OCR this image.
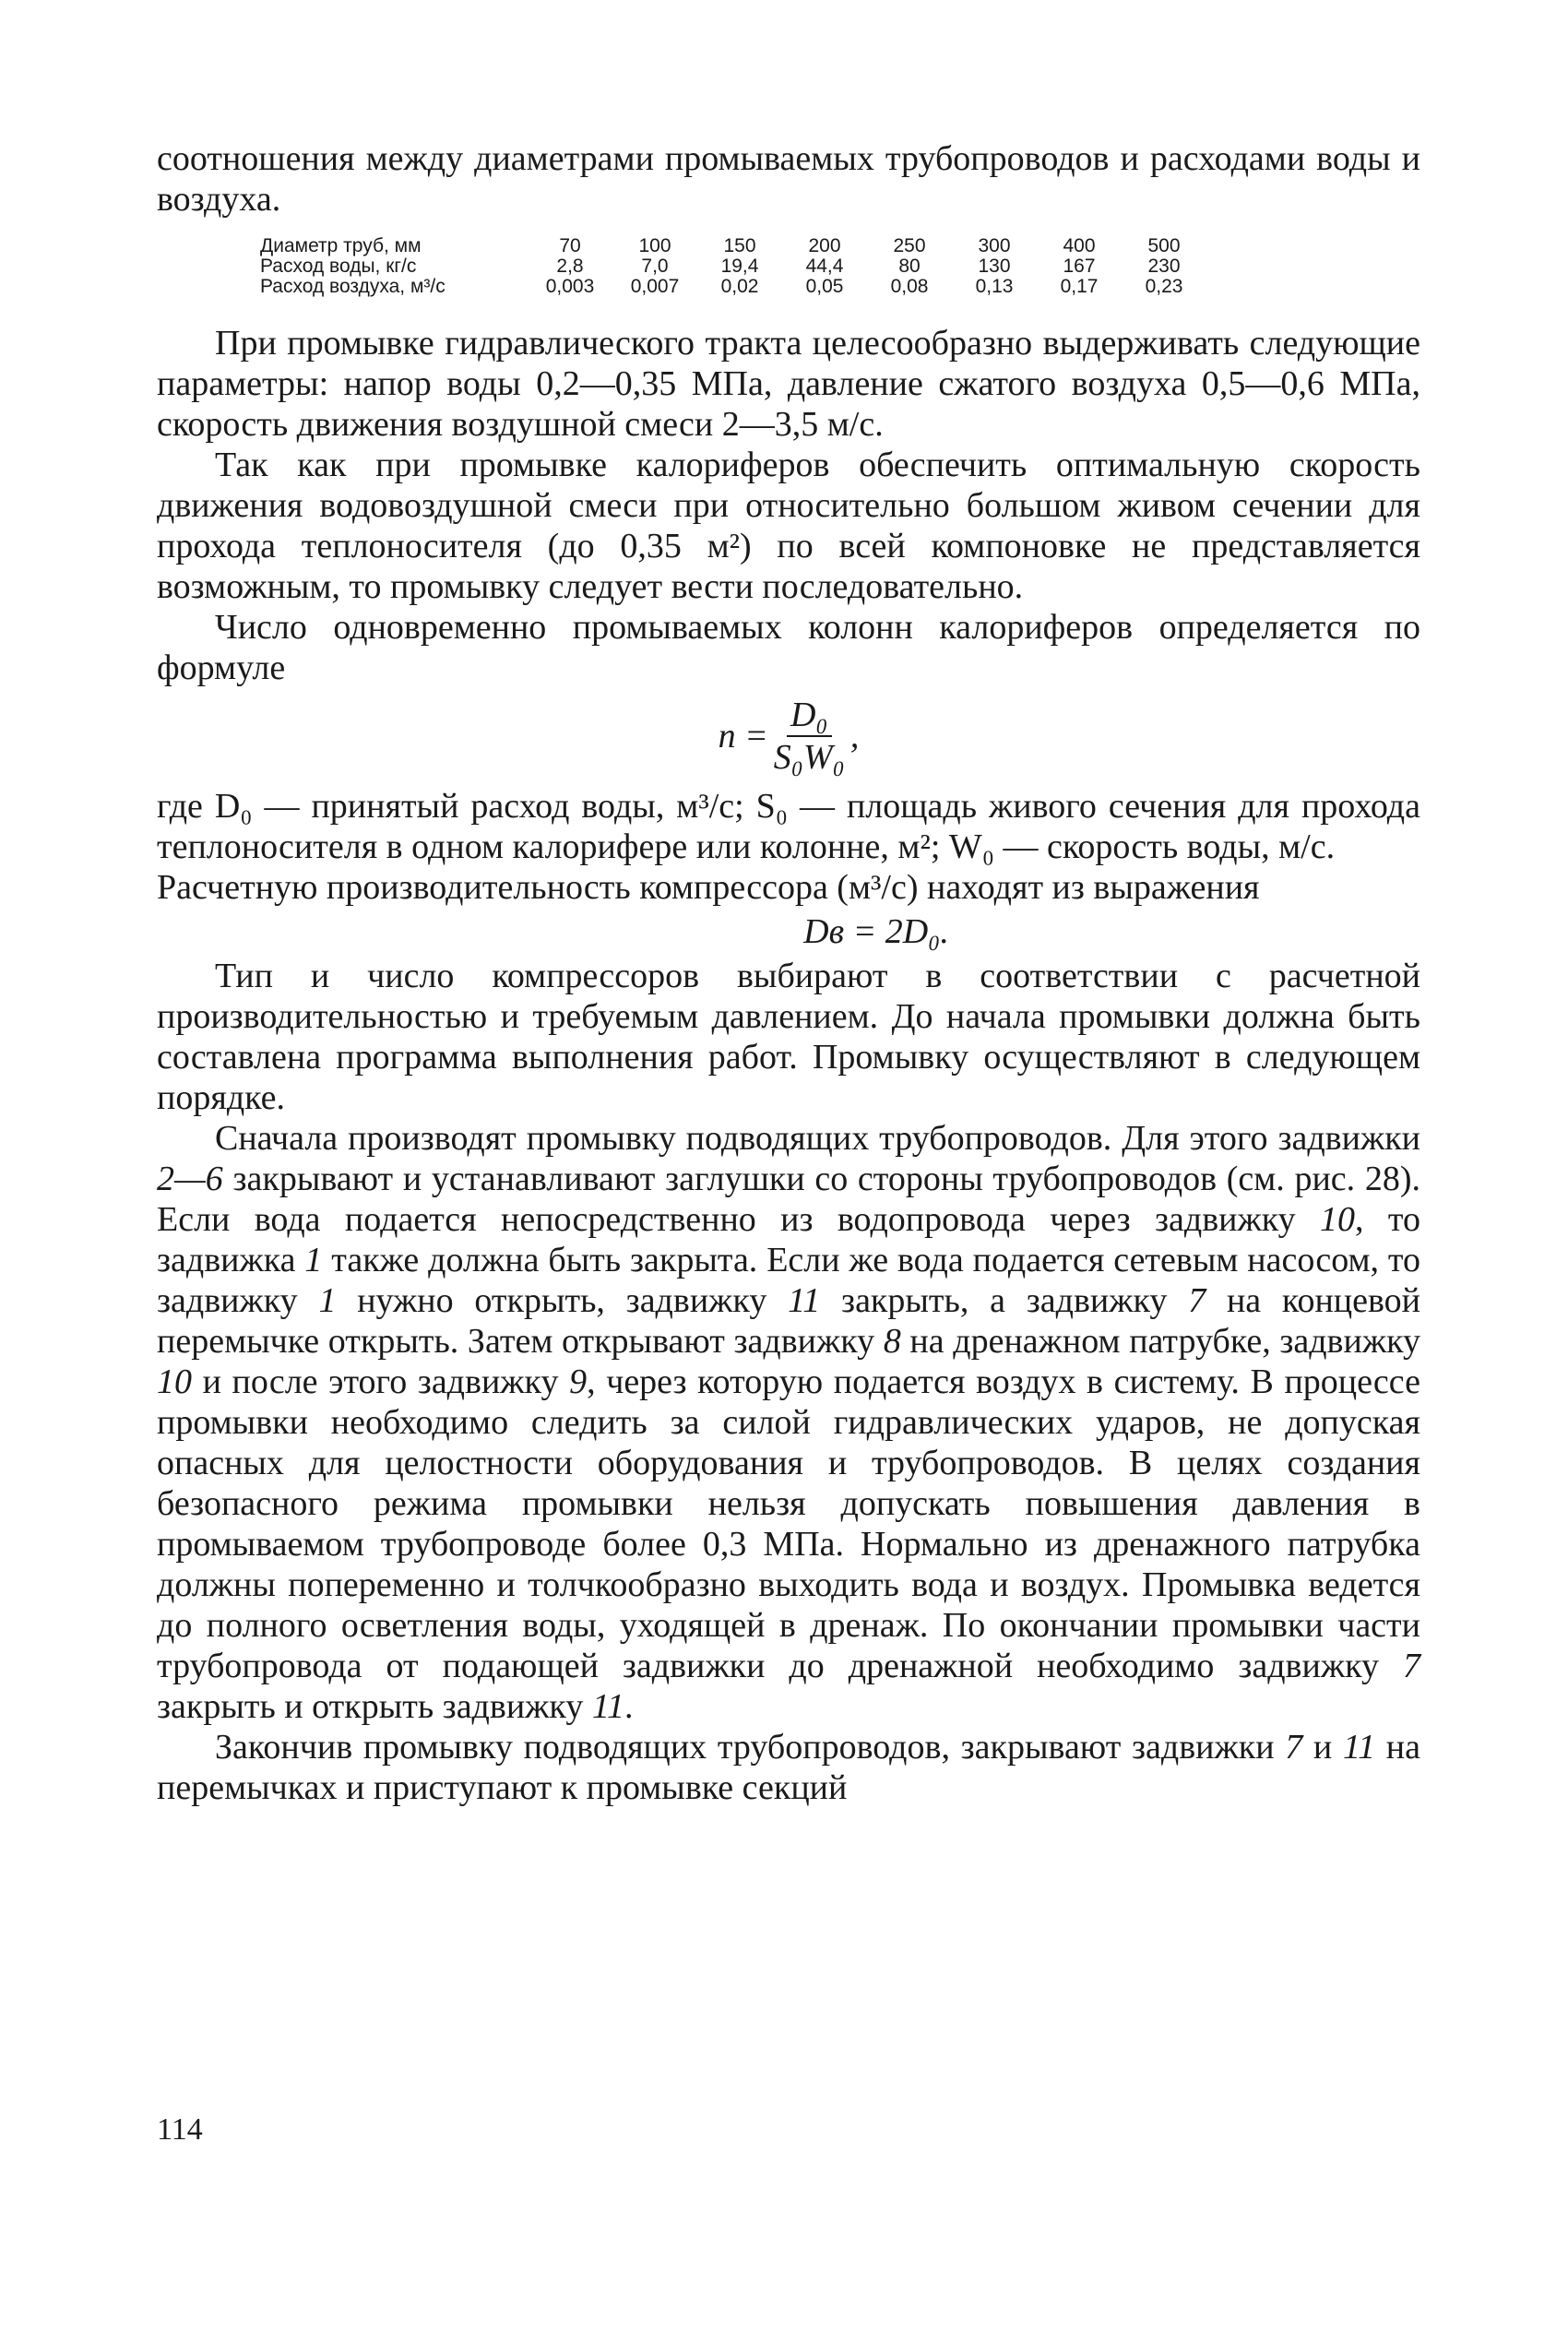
соотношения между диаметрами промываемых трубопроводов и расходами воды и воздуха.

Диаметр труб, мм	70	100	150	200	250	300	400	500
Расход воды, кг/с	2,8	7,0	19,4	44,4	80	130	167	230
Расход воздуха, м³/с	0,003	0,007	0,02	0,05	0,08	0,13	0,17	0,23

При промывке гидравлического тракта целесообразно выдерживать следующие параметры: напор воды 0,2—0,35 МПа, давление сжатого воздуха 0,5—0,6 МПа, скорость движения воздушной смеси 2—3,5 м/с.

Так как при промывке калориферов обеспечить оптимальную скорость движения водовоздушной смеси при относительно большом живом сечении для прохода теплоносителя (до 0,35 м²) по всей компоновке не представляется возможным, то промывку следует вести последовательно.

Число одновременно промываемых колонн калориферов определяется по формуле

$n = \frac{\text{D₀}}{\text{S₀W₀}}$ ,

где D₀ — принятый расход воды, м³/с; S₀ — площадь живого сечения для прохода теплоносителя в одном калорифере или колонне, м²; W₀ — скорость воды, м/с.

Расчетную производительность компрессора (м³/с) находят из выражения

Dв = 2D₀.

Тип и число компрессоров выбирают в соответствии с расчетной производительностью и требуемым давлением. До начала промывки должна быть составлена программа выполнения работ. Промывку осуществляют в следующем порядке.

Сначала производят промывку подводящих трубопроводов. Для этого задвижки 2—6 закрывают и устанавливают заглушки со стороны трубопроводов (см. рис. 28). Если вода подается непосредственно из водопровода через задвижку 10, то задвижка 1 также должна быть закрыта. Если же вода подается сетевым насосом, то задвижку 1 нужно открыть, задвижку 11 закрыть, а задвижку 7 на концевой перемычке открыть. Затем открывают задвижку 8 на дренажном патрубке, задвижку 10 и после этого задвижку 9, через которую подается воздух в систему. В процессе промывки необходимо следить за силой гидравлических ударов, не допуская опасных для целостности оборудования и трубопроводов. В целях создания безопасного режима промывки нельзя допускать повышения давления в промываемом трубопроводе более 0,3 МПа. Нормально из дренажного патрубка должны попеременно и толчкообразно выходить вода и воздух. Промывка ведется до полного осветления воды, уходящей в дренаж. По окончании промывки части трубопровода от подающей задвижки до дренажной необходимо задвижку 7 закрыть и открыть задвижку 11.

Закончив промывку подводящих трубопроводов, закрывают задвижки 7 и 11 на перемычках и приступают к промывке секций

114
